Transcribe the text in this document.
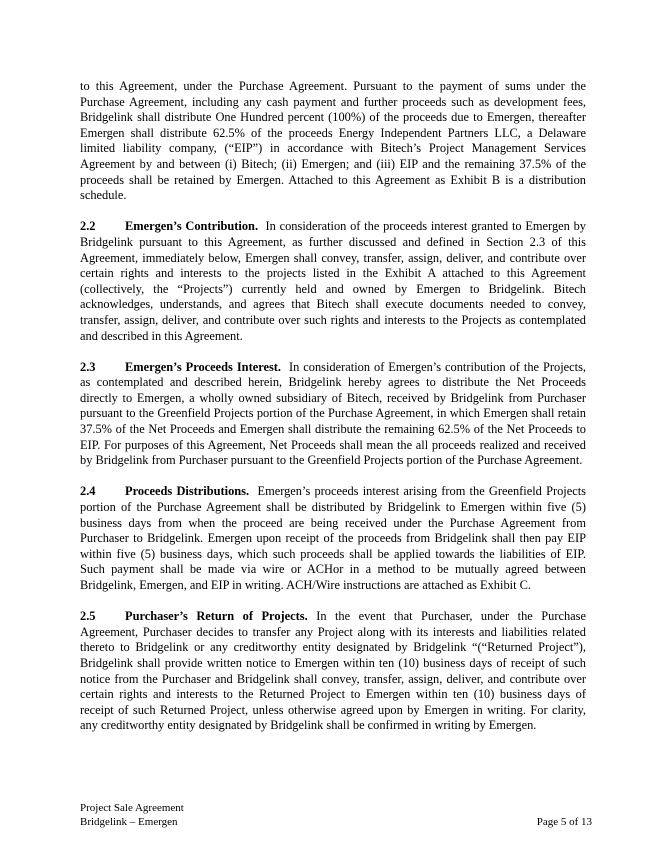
to this Agreement, under the Purchase Agreement. Pursuant to the payment of sums under the Purchase Agreement, including any cash payment and further proceeds such as development fees, Bridgelink shall distribute One Hundred percent (100%) of the proceeds due to Emergen, thereafter Emergen shall distribute 62.5% of the proceeds Energy Independent Partners LLC, a Delaware limited liability company, (“EIP”) in accordance with Bitech’s Project Management Services Agreement by and between (i) Bitech; (ii) Emergen; and (iii) EIP and the remaining 37.5% of the proceeds shall be retained by Emergen. Attached to this Agreement as Exhibit B is a distribution schedule.

2.2 Emergen’s Contribution. In consideration of the proceeds interest granted to Emergen by Bridgelink pursuant to this Agreement, as further discussed and defined in Section 2.3 of this Agreement, immediately below, Emergen shall convey, transfer, assign, deliver, and contribute over certain rights and interests to the projects listed in the Exhibit A attached to this Agreement (collectively, the “Projects”) currently held and owned by Emergen to Bridgelink. Bitech acknowledges, understands, and agrees that Bitech shall execute documents needed to convey, transfer, assign, deliver, and contribute over such rights and interests to the Projects as contemplated and described in this Agreement.

2.3 Emergen’s Proceeds Interest. In consideration of Emergen’s contribution of the Projects, as contemplated and described herein, Bridgelink hereby agrees to distribute the Net Proceeds directly to Emergen, a wholly owned subsidiary of Bitech, received by Bridgelink from Purchaser pursuant to the Greenfield Projects portion of the Purchase Agreement, in which Emergen shall retain 37.5% of the Net Proceeds and Emergen shall distribute the remaining 62.5% of the Net Proceeds to EIP. For purposes of this Agreement, Net Proceeds shall mean the all proceeds realized and received by Bridgelink from Purchaser pursuant to the Greenfield Projects portion of the Purchase Agreement.

2.4 Proceeds Distributions. Emergen’s proceeds interest arising from the Greenfield Projects portion of the Purchase Agreement shall be distributed by Bridgelink to Emergen within five (5) business days from when the proceed are being received under the Purchase Agreement from Purchaser to Bridgelink. Emergen upon receipt of the proceeds from Bridgelink shall then pay EIP within five (5) business days, which such proceeds shall be applied towards the liabilities of EIP. Such payment shall be made via wire or ACHor in a method to be mutually agreed between Bridgelink, Emergen, and EIP in writing. ACH/Wire instructions are attached as Exhibit C.

2.5 Purchaser’s Return of Projects. In the event that Purchaser, under the Purchase Agreement, Purchaser decides to transfer any Project along with its interests and liabilities related thereto to Bridgelink or any creditworthy entity designated by Bridgelink “(“Returned Project”), Bridgelink shall provide written notice to Emergen within ten (10) business days of receipt of such notice from the Purchaser and Bridgelink shall convey, transfer, assign, deliver, and contribute over certain rights and interests to the Returned Project to Emergen within ten (10) business days of receipt of such Returned Project, unless otherwise agreed upon by Emergen in writing. For clarity, any creditworthy entity designated by Bridgelink shall be confirmed in writing by Emergen.

Project Sale Agreement
Bridgelink – Emergen	Page 5 of 13
